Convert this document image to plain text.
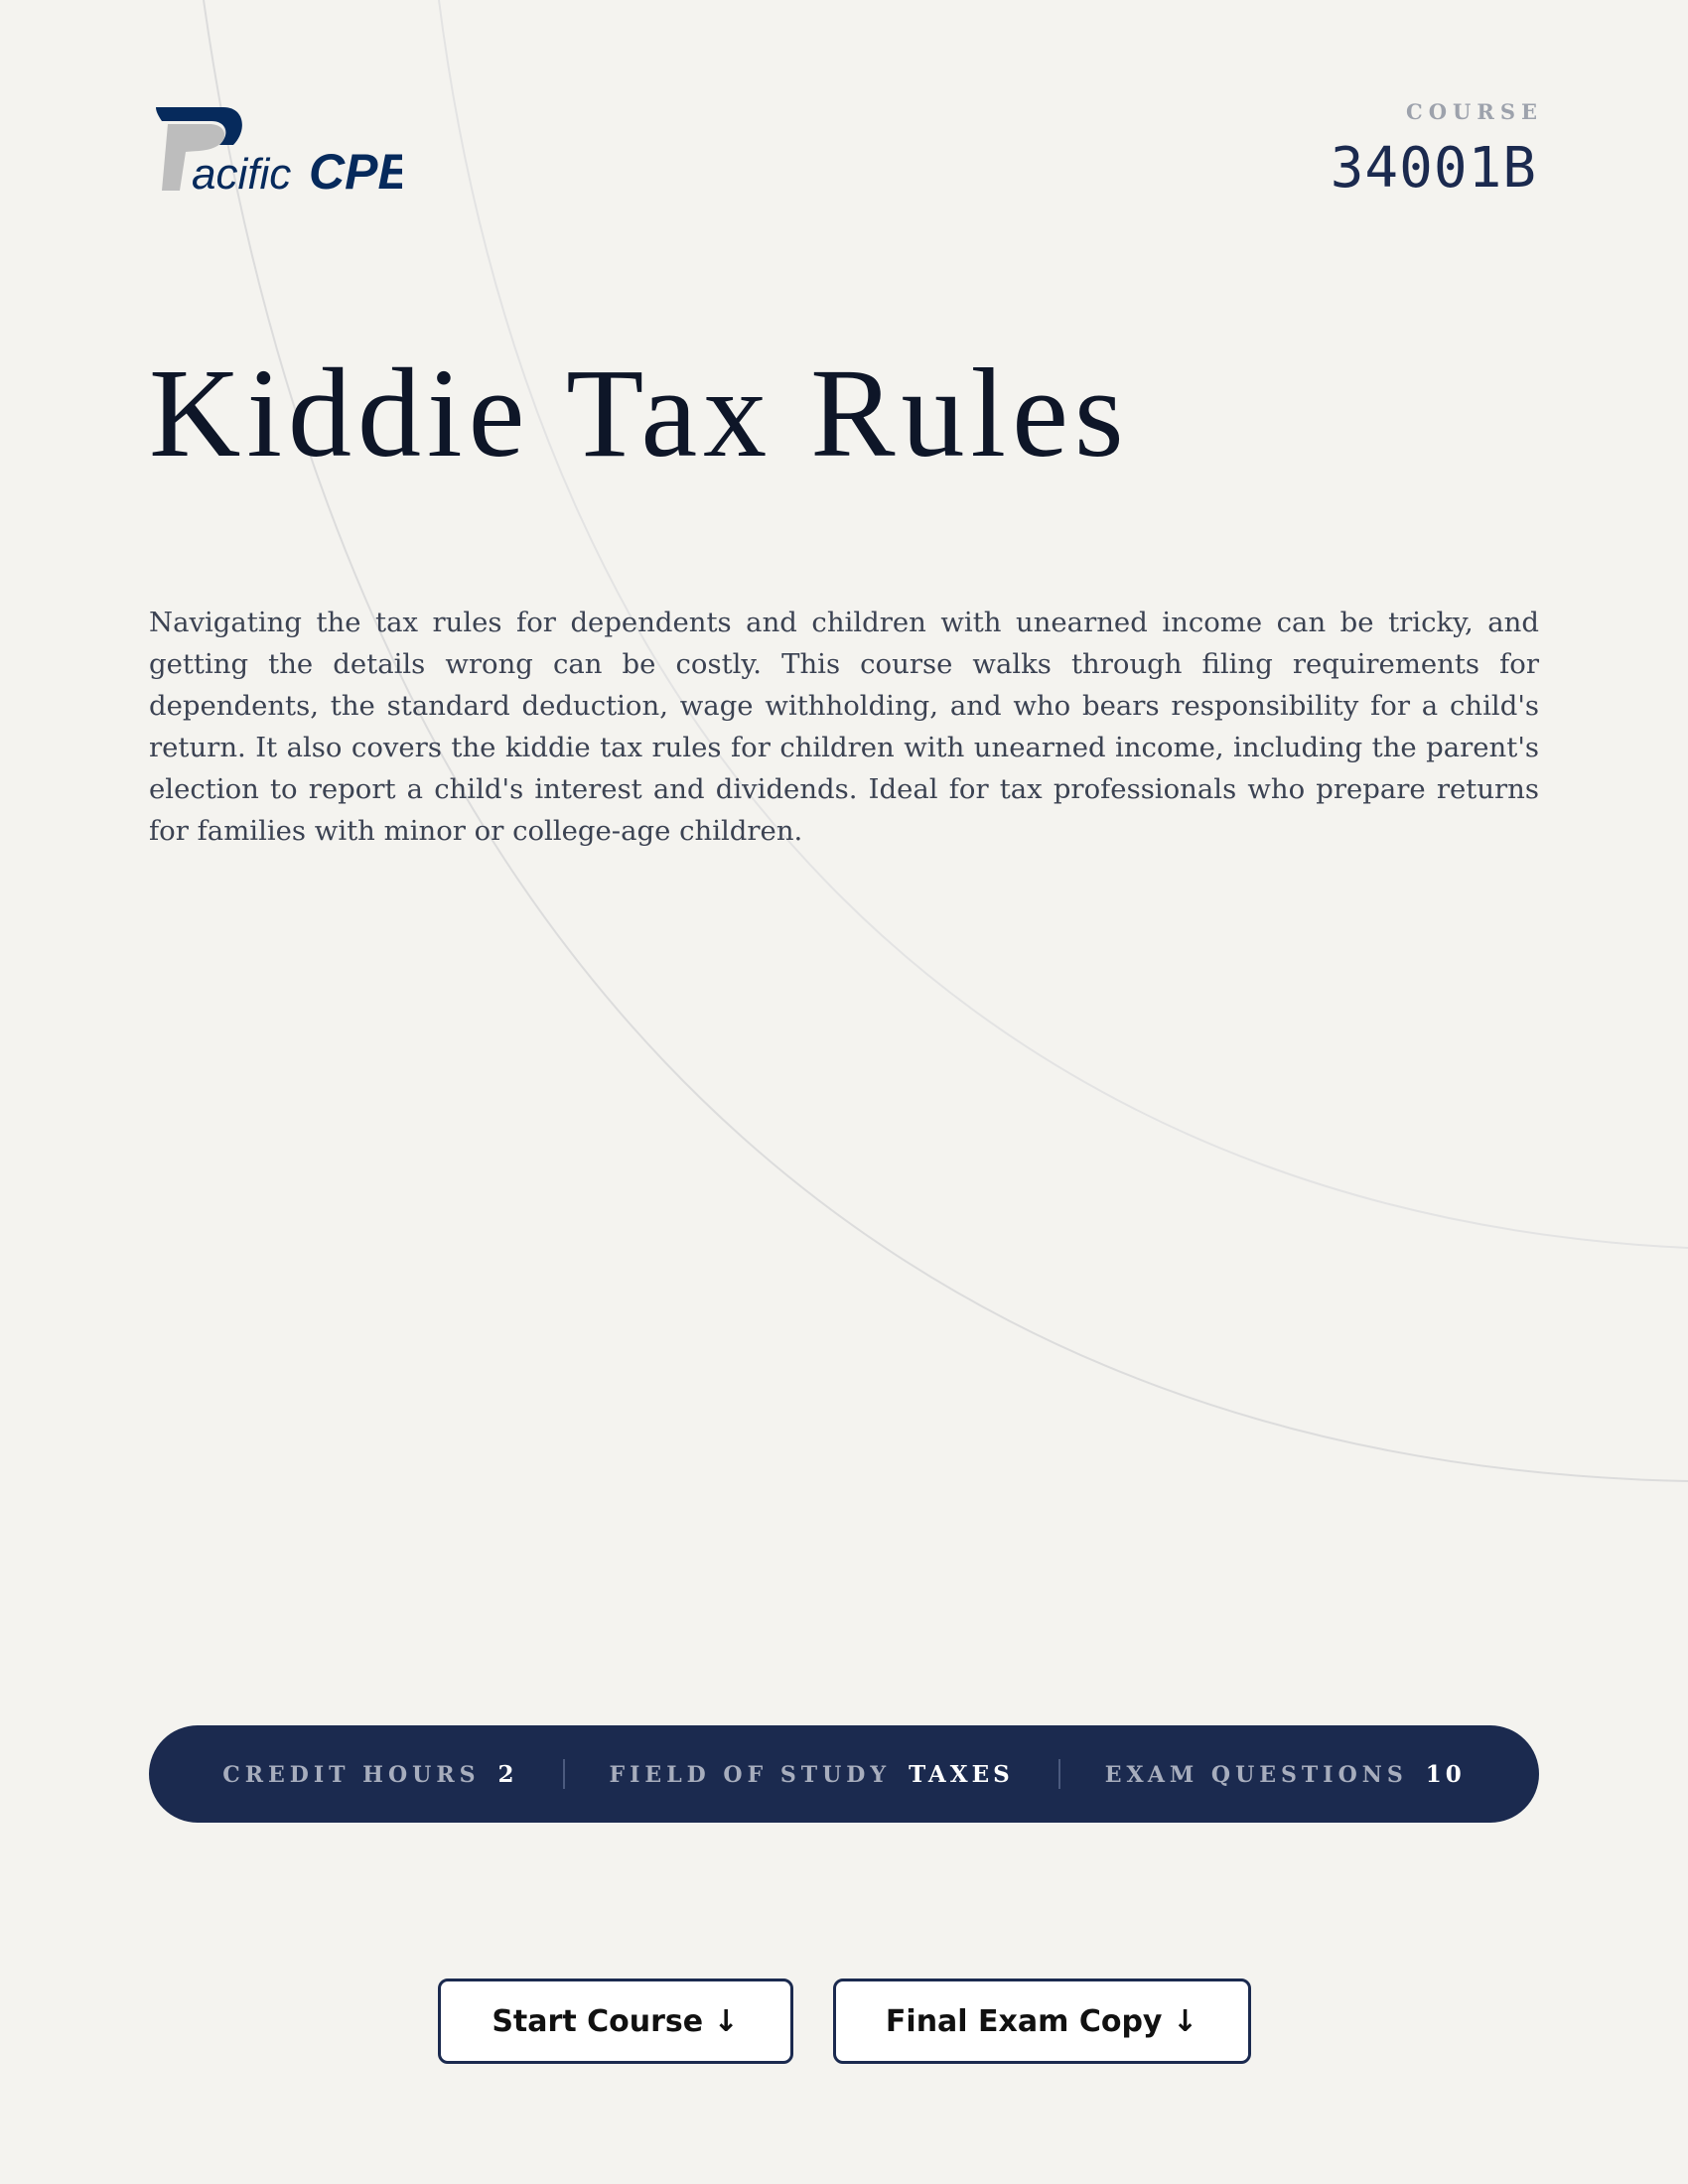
acific CPE
COURSE
34001B
Kiddie Tax Rules

Navigating the tax rules for dependents and children with unearned income can be tricky, and getting the details wrong can be costly. This course walks through filing requirements for dependents, the standard deduction, wage withholding, and who bears responsibility for a child's return. It also covers the kiddie tax rules for children with unearned income, including the parent's election to report a child's interest and dividends. Ideal for tax professionals who prepare returns for families with minor or college-age children.

CREDIT HOURS 2	FIELD OF STUDY TAXES	EXAM QUESTIONS 10
Start Course ↓	Final Exam Copy ↓
